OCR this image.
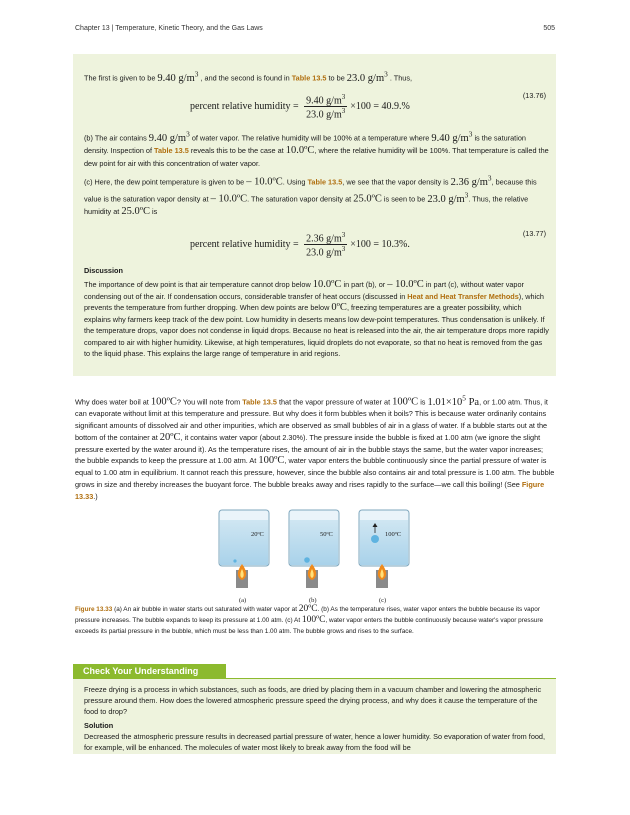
Chapter 13 | Temperature, Kinetic Theory, and the Gas Laws	505
The first is given to be 9.40 $g/m^3$ , and the second is found in Table 13.5 to be 23.0 $g/m^3$ . Thus,
percent relative humidity = $\frac{9.40 g/m^3}{23.0 g/m^3} \times 100 = 40.9.\%$
(13.76)
(b) The air contains 9.40 $g/m^3$ of water vapor. The relative humidity will be 100% at a temperature where 9.40 $g/m^3$ is the saturation density. Inspection of Table 13.5 reveals this to be the case at 10.0ºC, where the relative humidity will be 100%. That temperature is called the dew point for air with this concentration of water vapor.
(c) Here, the dew point temperature is given to be – 10.0ºC. Using Table 13.5, we see that the vapor density is 2.36 $g/m^3$, because this value is the saturation vapor density at – 10.0ºC. The saturation vapor density at 25.0ºC is seen to be 23.0 $g/m^3$. Thus, the relative humidity at 25.0ºC is
percent relative humidity = $\frac{2.36 g/m^3}{23.0 g/m^3} \times 100 = 10.3\%$.
(13.77)
Discussion
The importance of dew point is that air temperature cannot drop below 10.0ºC in part (b), or – 10.0ºC in part (c), without water vapor condensing out of the air. If condensation occurs, considerable transfer of heat occurs (discussed in Heat and Heat Transfer Methods), which prevents the temperature from further dropping. When dew points are below 0ºC, freezing temperatures are a greater possibility, which explains why farmers keep track of the dew point. Low humidity in deserts means low dew-point temperatures. Thus condensation is unlikely. If the temperature drops, vapor does not condense in liquid drops. Because no heat is released into the air, the air temperature drops more rapidly compared to air with higher humidity. Likewise, at high temperatures, liquid droplets do not evaporate, so that no heat is removed from the gas to the liquid phase. This explains the large range of temperature in arid regions.
Why does water boil at 100ºC? You will note from Table 13.5 that the vapor pressure of water at 100ºC is $1.01\times 10^5$ Pa, or 1.00 atm. Thus, it can evaporate without limit at this temperature and pressure. But why does it form bubbles when it boils? This is because water ordinarily contains significant amounts of dissolved air and other impurities, which are observed as small bubbles of air in a glass of water. If a bubble starts out at the bottom of the container at 20ºC, it contains water vapor (about 2.30%). The pressure inside the bubble is fixed at 1.00 atm (we ignore the slight pressure exerted by the water around it). As the temperature rises, the amount of air in the bubble stays the same, but the water vapor increases; the bubble expands to keep the pressure at 1.00 atm. At 100ºC, water vapor enters the bubble continuously since the partial pressure of water is equal to 1.00 atm in equilibrium. It cannot reach this pressure, however, since the bubble also contains air and total pressure is 1.00 atm. The bubble grows in size and thereby increases the buoyant force. The bubble breaks away and rises rapidly to the surface—we call this boiling! (See Figure 13.33.)
20ºC
(a)
50ºC
(b)
100ºC
(c)
Figure 13.33 (a) An air bubble in water starts out saturated with water vapor at 20ºC. (b) As the temperature rises, water vapor enters the bubble because its vapor pressure increases. The bubble expands to keep its pressure at 1.00 atm. (c) At 100ºC, water vapor enters the bubble continuously because water's vapor pressure exceeds its partial pressure in the bubble, which must be less than 1.00 atm. The bubble grows and rises to the surface.
Check Your Understanding
Freeze drying is a process in which substances, such as foods, are dried by placing them in a vacuum chamber and lowering the atmospheric pressure around them. How does the lowered atmospheric pressure speed the drying process, and why does it cause the temperature of the food to drop?
Solution
Decreased the atmospheric pressure results in decreased partial pressure of water, hence a lower humidity. So evaporation of water from food, for example, will be enhanced. The molecules of water most likely to break away from the food will be
